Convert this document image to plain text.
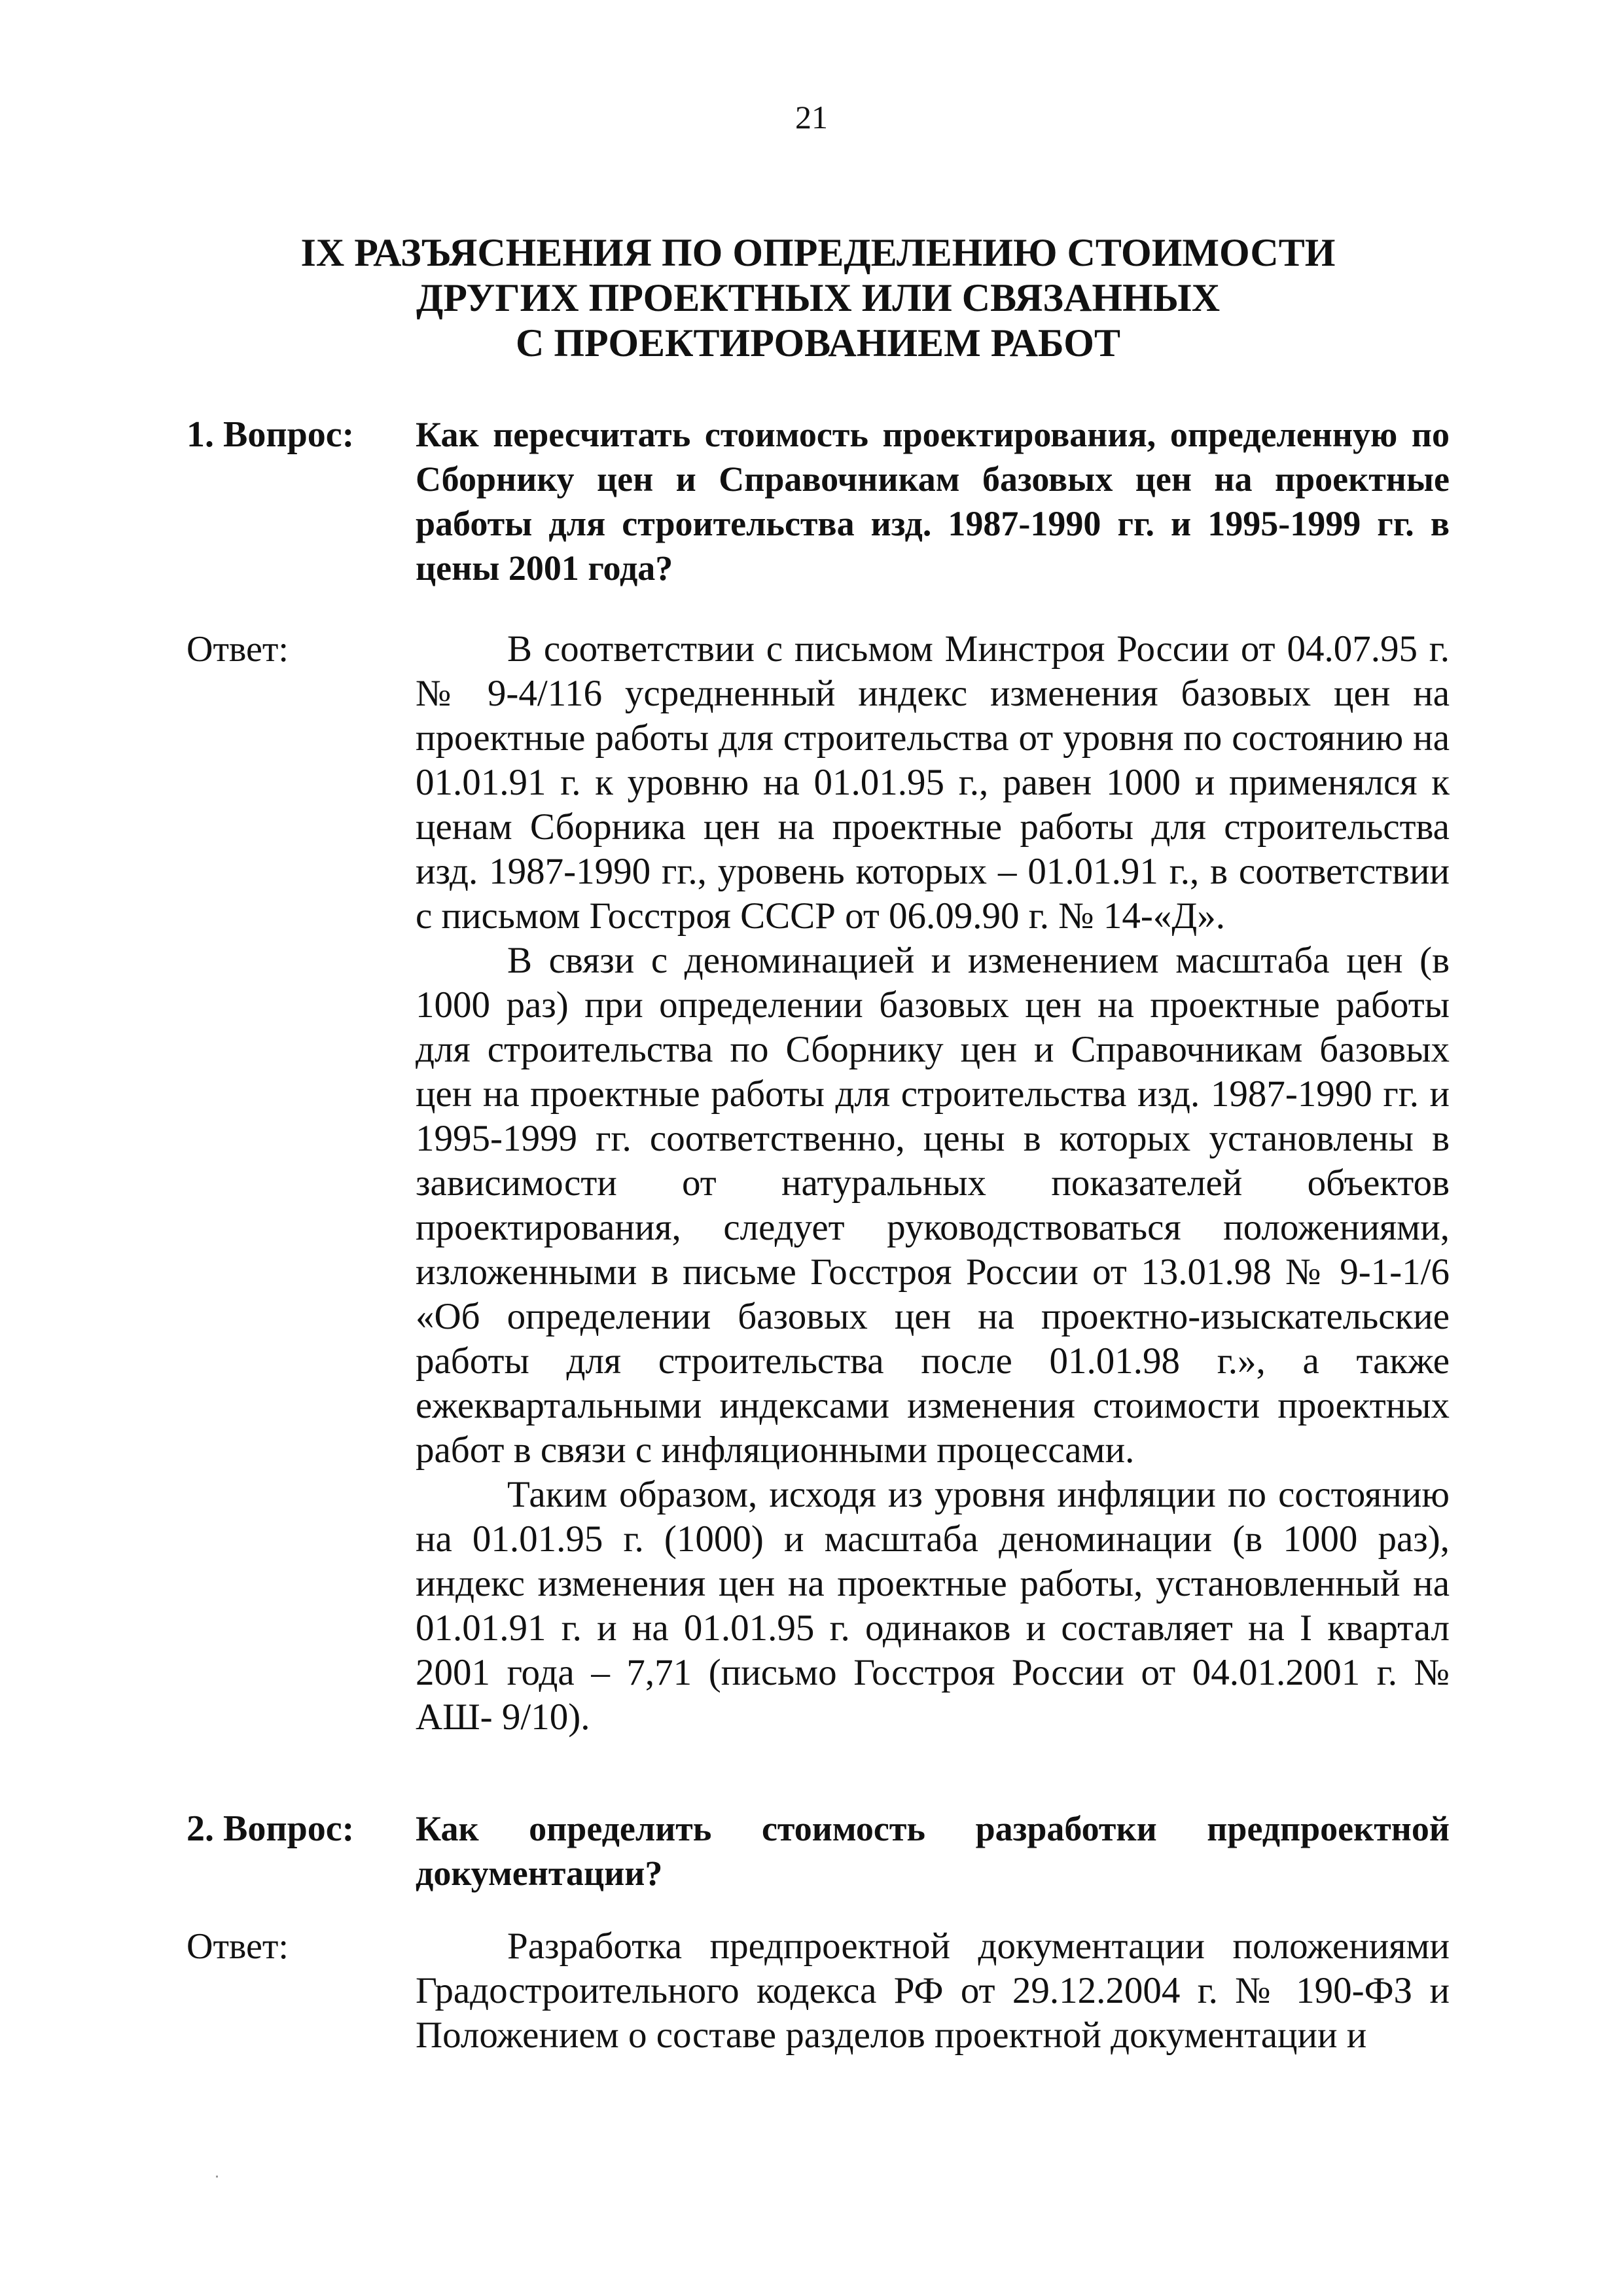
21
IX РАЗЪЯСНЕНИЯ ПО ОПРЕДЕЛЕНИЮ СТОИМОСТИ
ДРУГИХ ПРОЕКТНЫХ ИЛИ СВЯЗАННЫХ
С ПРОЕКТИРОВАНИЕМ РАБОТ
1. Вопрос: Как пересчитать стоимость проектирования, определенную по Сборнику цен и Справочникам базовых цен на проектные работы для строительства изд. 1987-1990 гг. и 1995-1999 гг. в цены 2001 года?
Ответ:	В соответствии с письмом Минстроя России от 04.07.95 г. № 9-4/116 усредненный индекс изменения базовых цен на проектные работы для строительства от уровня по состоянию на 01.01.91 г. к уровню на 01.01.95 г., равен 1000 и применялся к ценам Сборника цен на проектные работы для строительства изд. 1987-1990 гг., уровень которых – 01.01.91 г., в соответствии с письмом Госстроя СССР от 06.09.90 г. № 14-«Д».

В связи с деноминацией и изменением масштаба цен (в 1000 раз) при определении базовых цен на проектные работы для строительства по Сборнику цен и Справочникам базовых цен на проектные работы для строительства изд. 1987-1990 гг. и 1995-1999 гг. соответственно, цены в которых установлены в зависимости от натуральных показателей объектов проектирования, следует руководствоваться положениями, изложенными в письме Госстроя России от 13.01.98 № 9-1-1/6 «Об определении базовых цен на проектно-изыскательские работы для строительства после 01.01.98 г.», а также ежеквартальными индексами изменения стоимости проектных работ в связи с инфляционными процессами.

Таким образом, исходя из уровня инфляции по состоянию на 01.01.95 г. (1000) и масштаба деноминации (в 1000 раз), индекс изменения цен на проектные работы, установленный на 01.01.91 г. и на 01.01.95 г. одинаков и составляет на I квартал 2001 года – 7,71 (письмо Госстроя России от 04.01.2001 г. № АШ- 9/10).

2. Вопрос: Как определить стоимость разработки предпроектной документации?
Ответ:	Разработка предпроектной документации положениями Градостроительного кодекса РФ от 29.12.2004 г. № 190-ФЗ и Положением о составе разделов проектной документации и
